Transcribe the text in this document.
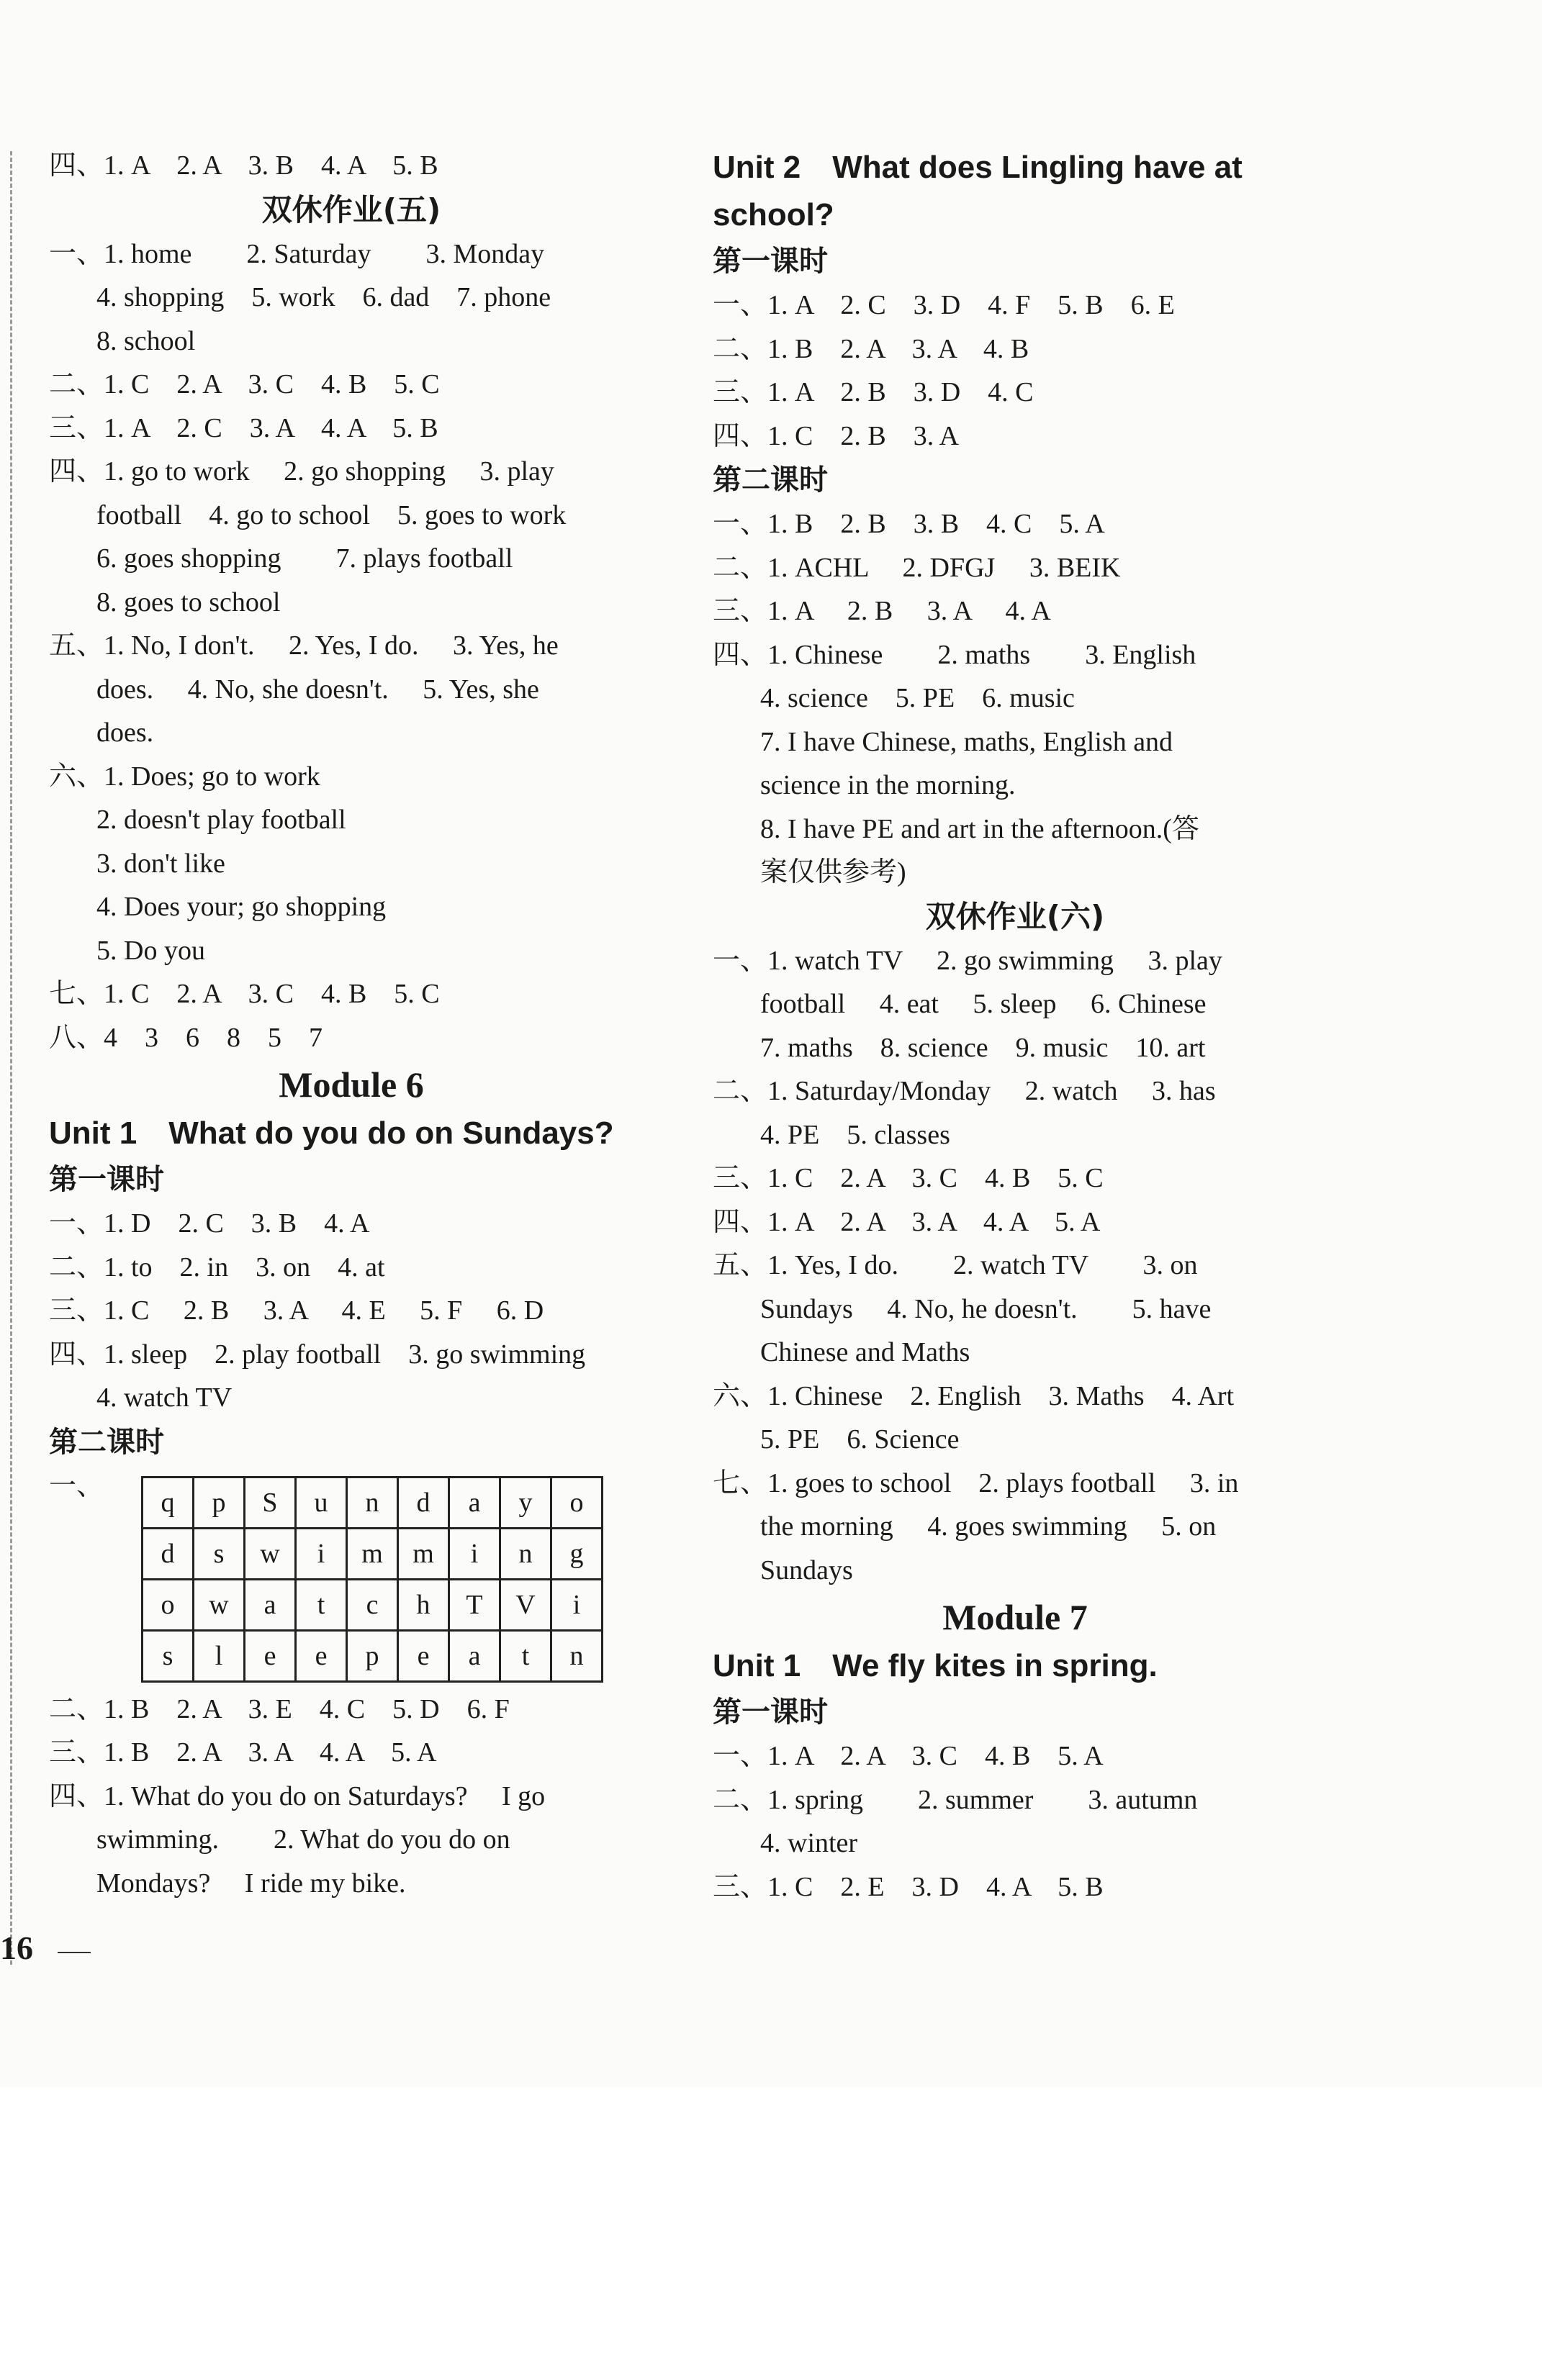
四、1. A　2. A　3. B　4. A　5. B
双休作业(五)
一、1. home　　2. Saturday　　3. Monday
4. shopping　5. work　6. dad　7. phone
8. school
二、1. C　2. A　3. C　4. B　5. C
三、1. A　2. C　3. A　4. A　5. B
四、1. go to work　 2. go shopping　 3. play
football　4. go to school　5. goes to work
6. goes shopping　　7. plays football
8. goes to school
五、1. No, I don't.　 2. Yes, I do.　 3. Yes, he
does.　 4. No, she doesn't.　 5. Yes, she
does.
六、1. Does; go to work
2. doesn't play football
3. don't like
4. Does your; go shopping
5. Do you
七、1. C　2. A　3. C　4. B　5. C
八、4　3　6　8　5　7
Module 6
Unit 1　What do you do on Sundays?
第一课时
一、1. D　2. C　3. B　4. A
二、1. to　2. in　3. on　4. at
三、1. C　 2. B　 3. A　 4. E　 5. F　 6. D
四、1. sleep　2. play football　3. go swimming
4. watch TV
第二课时
一、
q	p	S	u	n	d	a	y	o
d	s	w	i	m	m	i	n	g
o	w	a	t	c	h	T	V	i
s	l	e	e	p	e	a	t	n
二、1. B　2. A　3. E　4. C　5. D　6. F
三、1. B　2. A　3. A　4. A　5. A
四、1. What do you do on Saturdays?　 I go
swimming.　　2. What do you do on
Mondays?　 I ride my bike.
Unit 2　What does Lingling have at
school?
第一课时
一、1. A　2. C　3. D　4. F　5. B　6. E
二、1. B　2. A　3. A　4. B
三、1. A　2. B　3. D　4. C
四、1. C　2. B　3. A
第二课时
一、1. B　2. B　3. B　4. C　5. A
二、1. ACHL　 2. DFGJ　 3. BEIK
三、1. A　 2. B　 3. A　 4. A
四、1. Chinese　　2. maths　　3. English
4. science　5. PE　6. music
7. I have Chinese, maths, English and
science in the morning.
8. I have PE and art in the afternoon.(答
案仅供参考)
双休作业(六)
一、1. watch TV　 2. go swimming　 3. play
football　 4. eat　 5. sleep　 6. Chinese
7. maths　8. science　9. music　10. art
二、1. Saturday/Monday　 2. watch　 3. has
4. PE　5. classes
三、1. C　2. A　3. C　4. B　5. C
四、1. A　2. A　3. A　4. A　5. A
五、1. Yes, I do.　　2. watch TV　　3. on
Sundays　 4. No, he doesn't.　　5. have
Chinese and Maths
六、1. Chinese　2. English　3. Maths　4. Art
5. PE　6. Science
七、1. goes to school　2. plays football　 3. in
the morning　 4. goes swimming　 5. on
Sundays
Module 7
Unit 1　We fly kites in spring.
第一课时
一、1. A　2. A　3. C　4. B　5. A
二、1. spring　　2. summer　　3. autumn
4. winter
三、1. C　2. E　3. D　4. A　5. B
16
